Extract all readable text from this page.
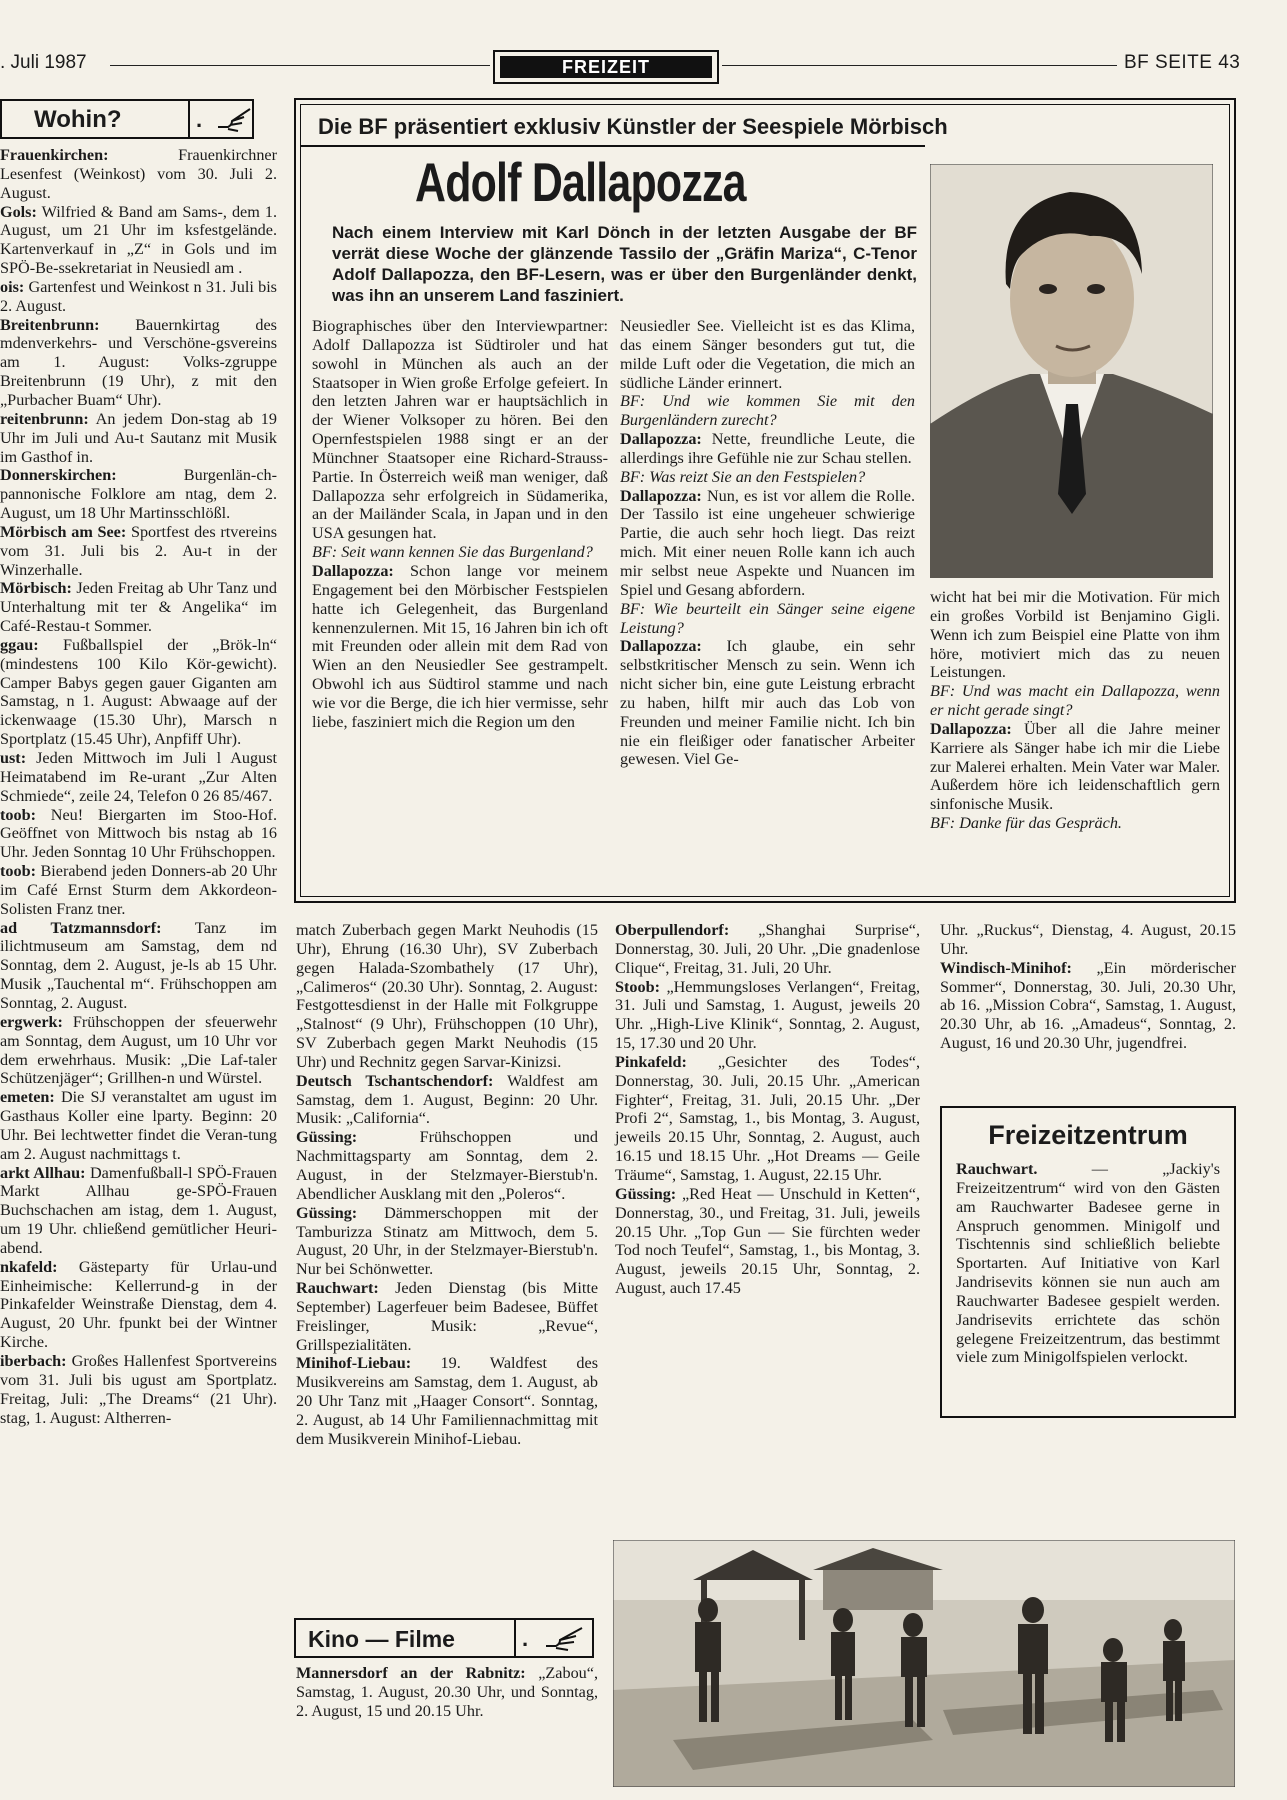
. Juli 1987	FREIZEIT	BF SEITE 43
Wohin?	.

Frauenkirchen: Frauenkirchner Lesenfest (Weinkost) vom 30. Juli 2. August.

Gols: Wilfried & Band am Sams-, dem 1. August, um 21 Uhr im ksfestgelände. Kartenverkauf in „Z“ in Gols und im SPÖ-Be-ssekretariat in Neusiedl am .

ois: Gartenfest und Weinkost n 31. Juli bis 2. August.

Breitenbrunn: Bauernkirtag des mdenverkehrs- und Verschöne-gsvereins am 1. August: Volks-zgruppe Breitenbrunn (19 Uhr), z mit den „Purbacher Buam“ Uhr).

reitenbrunn: An jedem Don-stag ab 19 Uhr im Juli und Au-t Sautanz mit Musik im Gasthof in.

Donnerskirchen: Burgenlän-ch-pannonische Folklore am ntag, dem 2. August, um 18 Uhr Martinsschlößl.

Mörbisch am See: Sportfest des rtvereins vom 31. Juli bis 2. Au-t in der Winzerhalle.

Mörbisch: Jeden Freitag ab Uhr Tanz und Unterhaltung mit ter & Angelika“ im Café-Restau-t Sommer.

ggau: Fußballspiel der „Brök-ln“ (mindestens 100 Kilo Kör-gewicht). Camper Babys gegen gauer Giganten am Samstag, n 1. August: Abwaage auf der ickenwaage (15.30 Uhr), Marsch n Sportplatz (15.45 Uhr), Anpfiff Uhr).

ust: Jeden Mittwoch im Juli l August Heimatabend im Re-urant „Zur Alten Schmiede“, zeile 24, Telefon 0 26 85/467.

toob: Neu! Biergarten im Stoo-Hof. Geöffnet von Mittwoch bis nstag ab 16 Uhr. Jeden Sonntag 10 Uhr Frühschoppen.

toob: Bierabend jeden Donners-ab 20 Uhr im Café Ernst Sturm dem Akkordeon-Solisten Franz tner.

ad Tatzmannsdorf: Tanz im ilichtmuseum am Samstag, dem nd Sonntag, dem 2. August, je-ls ab 15 Uhr. Musik „Tauchental m“. Frühschoppen am Sonntag, 2. August.

ergwerk: Frühschoppen der sfeuerwehr am Sonntag, dem August, um 10 Uhr vor dem erwehrhaus. Musik: „Die Laf-taler Schützenjäger“; Grillhen-n und Würstel.

emeten: Die SJ veranstaltet am ugust im Gasthaus Koller eine lparty. Beginn: 20 Uhr. Bei lechtwetter findet die Veran-tung am 2. August nachmittags t.

arkt Allhau: Damenfußball-l SPÖ-Frauen Markt Allhau ge-SPÖ-Frauen Buchschachen am istag, dem 1. August, um 19 Uhr. chließend gemütlicher Heuri-abend.

nkafeld: Gästeparty für Urlau-und Einheimische: Kellerrund-g in der Pinkafelder Weinstraße Dienstag, dem 4. August, 20 Uhr. fpunkt bei der Wintner Kirche.

iberbach: Großes Hallenfest Sportvereins vom 31. Juli bis ugust am Sportplatz. Freitag, Juli: „The Dreams“ (21 Uhr). stag, 1. August: Altherren-

Die BF präsentiert exklusiv Künstler der Seespiele Mörbisch
Adolf Dallapozza
Nach einem Interview mit Karl Dönch in der letzten Ausgabe der BF verrät diese Woche der glänzende Tassilo der „Gräfin Mariza“, C-Tenor Adolf Dallapozza, den BF-Lesern, was er über den Burgenländer denkt, was ihn an unserem Land fasziniert.

Biographisches über den Interviewpartner: Adolf Dallapozza ist Südtiroler und hat sowohl in München als auch an der Staatsoper in Wien große Erfolge gefeiert. In den letzten Jahren war er hauptsächlich in der Wiener Volksoper zu hören. Bei den Opernfestspielen 1988 singt er an der Münchner Staatsoper eine Richard-Strauss-Partie. In Österreich weiß man weniger, daß Dallapozza sehr erfolgreich in Südamerika, an der Mailänder Scala, in Japan und in den USA gesungen hat.

BF: Seit wann kennen Sie das Burgenland?

Dallapozza: Schon lange vor meinem Engagement bei den Mörbischer Festspielen hatte ich Gelegenheit, das Burgenland kennenzulernen. Mit 15, 16 Jahren bin ich oft mit Freunden oder allein mit dem Rad von Wien an den Neusiedler See gestrampelt. Obwohl ich aus Südtirol stamme und nach wie vor die Berge, die ich hier vermisse, sehr liebe, fasziniert mich die Region um den

Neusiedler See. Vielleicht ist es das Klima, das einem Sänger besonders gut tut, die milde Luft oder die Vegetation, die mich an südliche Länder erinnert.

BF: Und wie kommen Sie mit den Burgenländern zurecht?

Dallapozza: Nette, freundliche Leute, die allerdings ihre Gefühle nie zur Schau stellen.

BF: Was reizt Sie an den Festspielen?

Dallapozza: Nun, es ist vor allem die Rolle. Der Tassilo ist eine ungeheuer schwierige Partie, die auch sehr hoch liegt. Das reizt mich. Mit einer neuen Rolle kann ich auch mir selbst neue Aspekte und Nuancen im Spiel und Gesang abfordern.

BF: Wie beurteilt ein Sänger seine eigene Leistung?

Dallapozza: Ich glaube, ein sehr selbstkritischer Mensch zu sein. Wenn ich nicht sicher bin, eine gute Leistung erbracht zu haben, hilft mir auch das Lob von Freunden und meiner Familie nicht. Ich bin nie ein fleißiger oder fanatischer Arbeiter gewesen. Viel Ge-

wicht hat bei mir die Motivation. Für mich ein großes Vorbild ist Benjamino Gigli. Wenn ich zum Beispiel eine Platte von ihm höre, motiviert mich das zu neuen Leistungen.

BF: Und was macht ein Dallapozza, wenn er nicht gerade singt?

Dallapozza: Über all die Jahre meiner Karriere als Sänger habe ich mir die Liebe zur Malerei erhalten. Mein Vater war Maler. Außerdem höre ich leidenschaftlich gern sinfonische Musik.

BF: Danke für das Gespräch.

match Zuberbach gegen Markt Neuhodis (15 Uhr), Ehrung (16.30 Uhr), SV Zuberbach gegen Halada-Szombathely (17 Uhr), „Calimeros“ (20.30 Uhr). Sonntag, 2. August: Festgottesdienst in der Halle mit Folkgruppe „Stalnost“ (9 Uhr), Frühschoppen (10 Uhr), SV Zuberbach gegen Markt Neuhodis (15 Uhr) und Rechnitz gegen Sarvar-Kinizsi.

Deutsch Tschantschendorf: Waldfest am Samstag, dem 1. August, Beginn: 20 Uhr. Musik: „California“.

Güssing: Frühschoppen und Nachmittagsparty am Sonntag, dem 2. August, in der Stelzmayer-Bierstub'n. Abendlicher Ausklang mit den „Poleros“.

Güssing: Dämmerschoppen mit der Tamburizza Stinatz am Mittwoch, dem 5. August, 20 Uhr, in der Stelzmayer-Bierstub'n. Nur bei Schönwetter.

Rauchwart: Jeden Dienstag (bis Mitte September) Lagerfeuer beim Badesee, Büffet Freislinger, Musik: „Revue“, Grillspezialitäten.

Minihof-Liebau: 19. Waldfest des Musikvereins am Samstag, dem 1. August, ab 20 Uhr Tanz mit „Haager Consort“. Sonntag, 2. August, ab 14 Uhr Familiennachmittag mit dem Musikverein Minihof-Liebau.

Kino — Filme	.

Mannersdorf an der Rabnitz: „Zabou“, Samstag, 1. August, 20.30 Uhr, und Sonntag, 2. August, 15 und 20.15 Uhr.

Oberpullendorf: „Shanghai Surprise“, Donnerstag, 30. Juli, 20 Uhr. „Die gnadenlose Clique“, Freitag, 31. Juli, 20 Uhr.

Stoob: „Hemmungsloses Verlangen“, Freitag, 31. Juli und Samstag, 1. August, jeweils 20 Uhr. „High-Live Klinik“, Sonntag, 2. August, 15, 17.30 und 20 Uhr.

Pinkafeld: „Gesichter des Todes“, Donnerstag, 30. Juli, 20.15 Uhr. „American Fighter“, Freitag, 31. Juli, 20.15 Uhr. „Der Profi 2“, Samstag, 1., bis Montag, 3. August, jeweils 20.15 Uhr, Sonntag, 2. August, auch 16.15 und 18.15 Uhr. „Hot Dreams — Geile Träume“, Samstag, 1. August, 22.15 Uhr.

Güssing: „Red Heat — Unschuld in Ketten“, Donnerstag, 30., und Freitag, 31. Juli, jeweils 20.15 Uhr. „Top Gun — Sie fürchten weder Tod noch Teufel“, Samstag, 1., bis Montag, 3. August, jeweils 20.15 Uhr, Sonntag, 2. August, auch 17.45

Uhr. „Ruckus“, Dienstag, 4. August, 20.15 Uhr.

Windisch-Minihof: „Ein mörderischer Sommer“, Donnerstag, 30. Juli, 20.30 Uhr, ab 16. „Mission Cobra“, Samstag, 1. August, 20.30 Uhr, ab 16. „Amadeus“, Sonntag, 2. August, 16 und 20.30 Uhr, jugendfrei.

Freizeitzentrum

Rauchwart. — „Jackiy's Freizeitzentrum“ wird von den Gästen am Rauchwarter Badesee gerne in Anspruch genommen. Minigolf und Tischtennis sind schließlich beliebte Sportarten. Auf Initiative von Karl Jandrisevits können sie nun auch am Rauchwarter Badesee gespielt werden. Jandrisevits errichtete das schön gelegene Freizeitzentrum, das bestimmt viele zum Minigolfspielen verlockt.
